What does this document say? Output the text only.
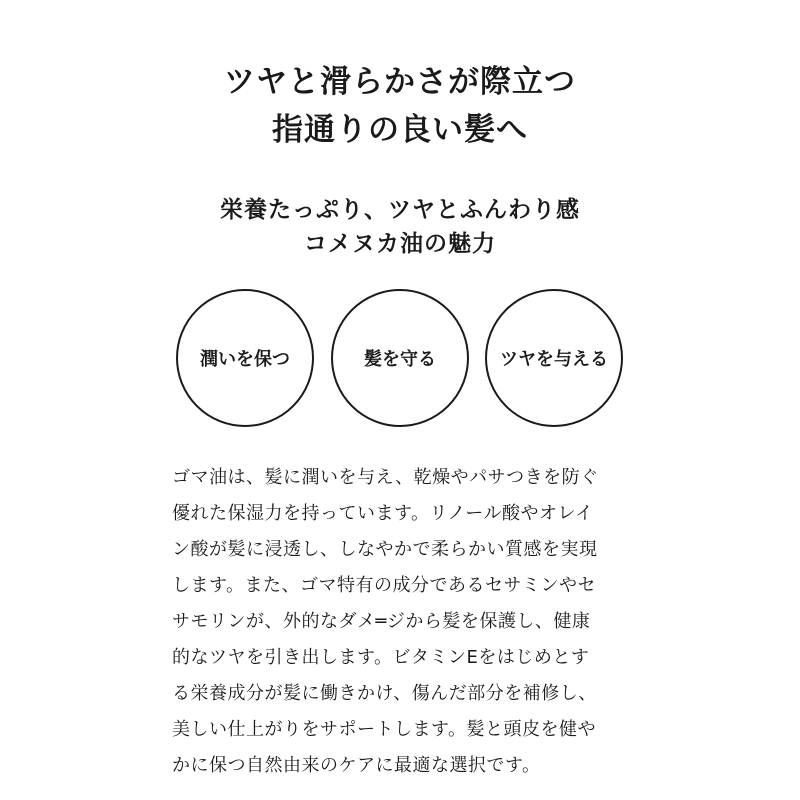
ツヤと滑らかさが際立つ
指通りの良い髪へ
栄養たっぷり、ツヤとふんわり感
コメヌカ油の魅力
潤いを保つ	髪を守る	ツヤを与える
ゴマ油は、髪に潤いを与え、乾燥やパサつきを防ぐ
優れた保湿力を持っています。リノール酸やオレイ
ン酸が髪に浸透し、しなやかで柔らかい質感を実現
します。また、ゴマ特有の成分であるセサミンやセ
サモリンが、外的なダメ═ジから髪を保護し、健康
的なツヤを引き出します。ビタミンEをはじめとす
る栄養成分が髪に働きかけ、傷んだ部分を補修し、
美しい仕上がりをサポートします。髪と頭皮を健や
かに保つ自然由来のケアに最適な選択です。
